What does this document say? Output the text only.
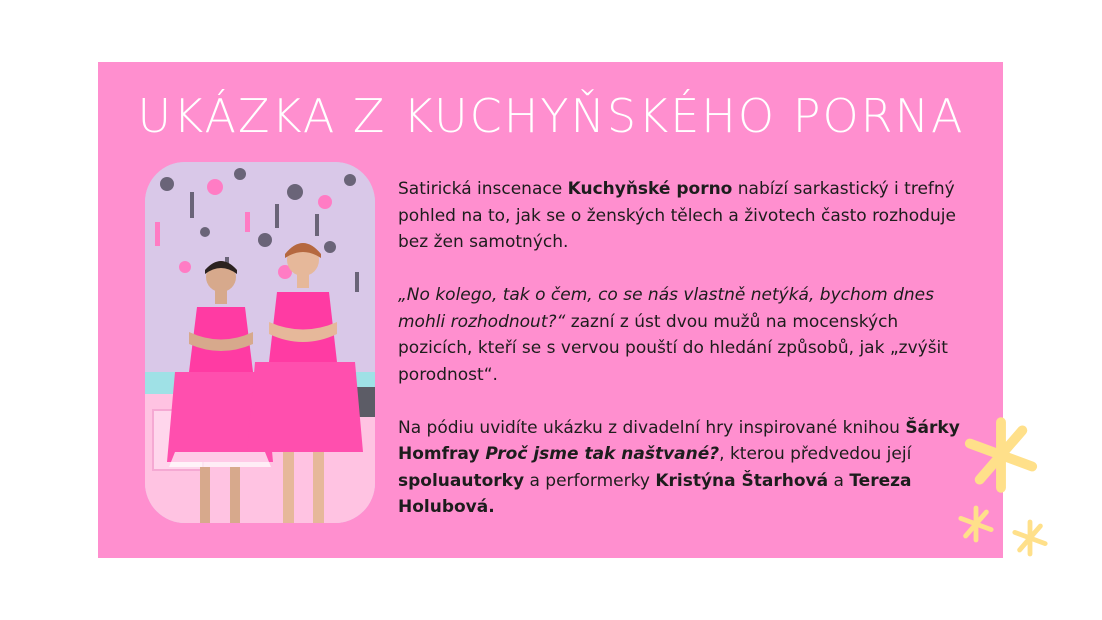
UKÁZKA Z KUCHYŇSKÉHO PORNA

Satirická inscenace Kuchyňské porno nabízí sarkastický i trefný pohled na to, jak se o ženských tělech a životech často rozhoduje bez žen samotných.

„No kolego, tak o čem, co se nás vlastně netýká, bychom dnes mohli rozhodnout?“ zazní z úst dvou mužů na mocenských pozicích, kteří se s vervou pouští do hledání způsobů, jak „zvýšit porodnost“.

Na pódiu uvidíte ukázku z divadelní hry inspirované knihou Šárky Homfray Proč jsme tak naštvané?, kterou předvedou její spoluautorky a performerky Kristýna Štarhová a Tereza Holubová.
